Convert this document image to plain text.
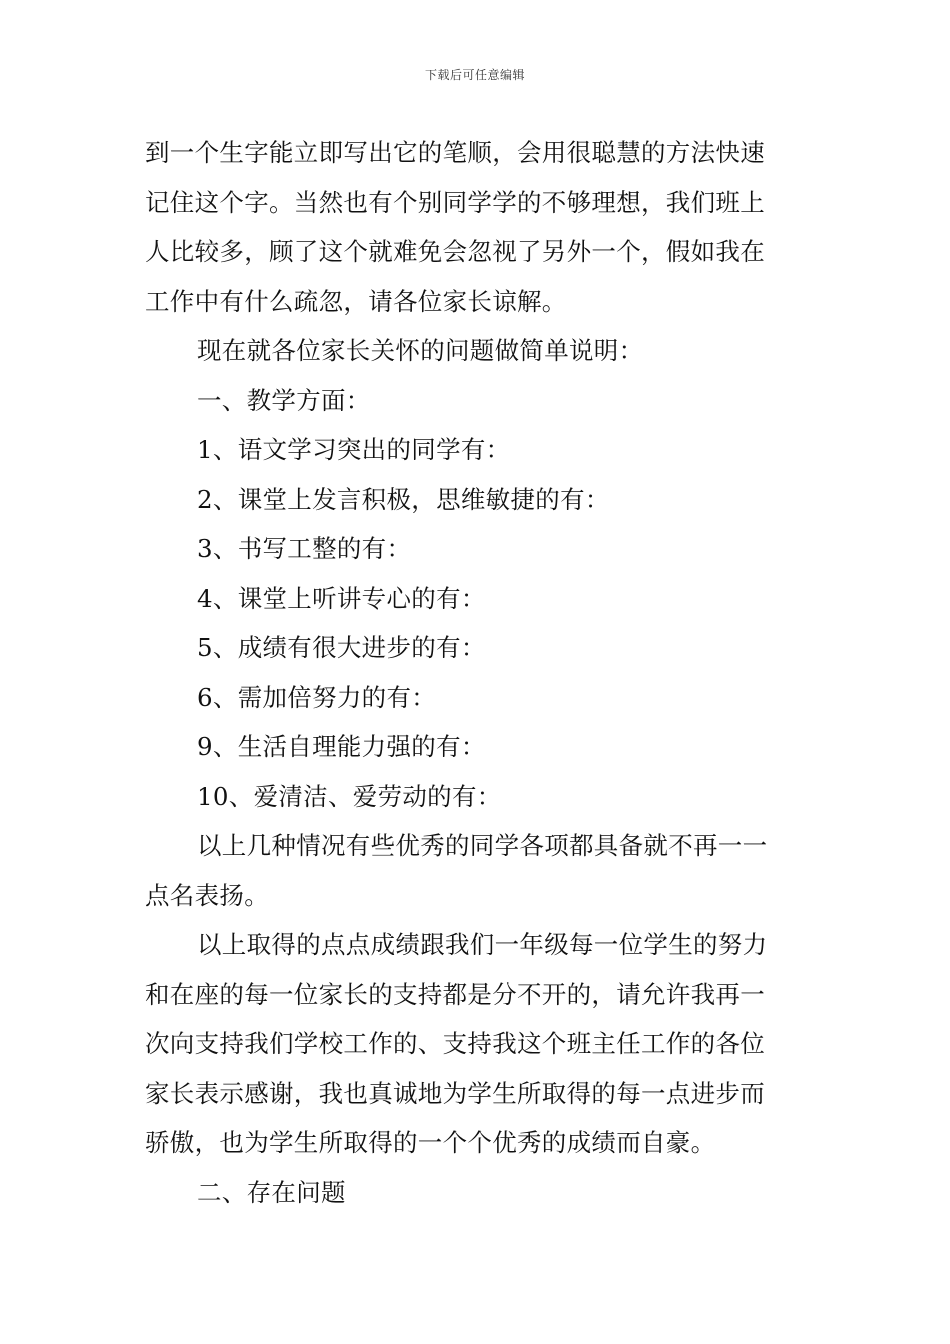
下载后可任意编辑
到一个生字能立即写出它的笔顺，会用很聪慧的方法快速
记住这个字。当然也有个别同学学的不够理想，我们班上
人比较多，顾了这个就难免会忽视了另外一个，假如我在
工作中有什么疏忽，请各位家长谅解。
现在就各位家长关怀的问题做简单说明：
一、教学方面：
1、语文学习突出的同学有：
2、课堂上发言积极，思维敏捷的有：
3、书写工整的有：
4、课堂上听讲专心的有：
5、成绩有很大进步的有：
6、需加倍努力的有：
9、生活自理能力强的有：
10、爱清洁、爱劳动的有：
以上几种情况有些优秀的同学各项都具备就不再一一
点名表扬。
以上取得的点点成绩跟我们一年级每一位学生的努力
和在座的每一位家长的支持都是分不开的，请允许我再一
次向支持我们学校工作的、支持我这个班主任工作的各位
家长表示感谢，我也真诚地为学生所取得的每一点进步而
骄傲，也为学生所取得的一个个优秀的成绩而自豪。
二、存在问题
